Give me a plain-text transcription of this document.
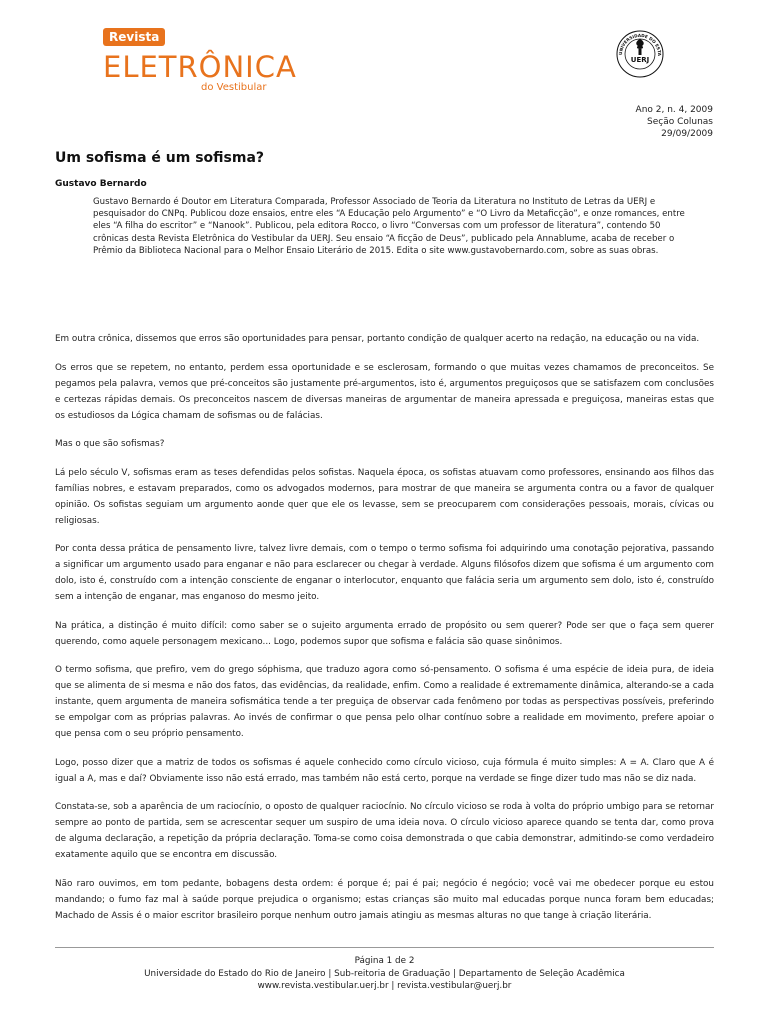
Revista
ELETRÔNICA
do Vestibular
UNIVERSIDADE DO ESTA
UERJ
Ano 2, n. 4, 2009
Seção Colunas
29/09/2009
Um sofisma é um sofisma?
Gustavo Bernardo
Gustavo Bernardo é Doutor em Literatura Comparada, Professor Associado de Teoria da Literatura no Instituto de Letras da UERJ e pesquisador do CNPq. Publicou doze ensaios, entre eles “A Educação pelo Argumento” e “O Livro da Metaficção”, e onze romances, entre eles “A filha do escritor” e “Nanook”. Publicou, pela editora Rocco, o livro “Conversas com um professor de literatura”, contendo 50 crônicas desta Revista Eletrônica do Vestibular da UERJ. Seu ensaio “A ficção de Deus”, publicado pela Annablume, acaba de receber o Prêmio da Biblioteca Nacional para o Melhor Ensaio Literário de 2015. Edita o site www.gustavobernardo.com, sobre as suas obras.

Em outra crônica, dissemos que erros são oportunidades para pensar, portanto condição de qualquer acerto na redação, na educação ou na vida.

Os erros que se repetem, no entanto, perdem essa oportunidade e se esclerosam, formando o que muitas vezes chamamos de preconceitos. Se pegamos pela palavra, vemos que pré-conceitos são justamente pré-argumentos, isto é, argumentos preguiçosos que se satisfazem com conclusões e certezas rápidas demais. Os preconceitos nascem de diversas maneiras de argumentar de maneira apressada e preguiçosa, maneiras estas que os estudiosos da Lógica chamam de sofismas ou de falácias.

Mas o que são sofismas?

Lá pelo século V, sofismas eram as teses defendidas pelos sofistas. Naquela época, os sofistas atuavam como professores, ensinando aos filhos das famílias nobres, e estavam preparados, como os advogados modernos, para mostrar de que maneira se argumenta contra ou a favor de qualquer opinião. Os sofistas seguiam um argumento aonde quer que ele os levasse, sem se preocuparem com considerações pessoais, morais, cívicas ou religiosas.

Por conta dessa prática de pensamento livre, talvez livre demais, com o tempo o termo sofisma foi adquirindo uma conotação pejorativa, passando a significar um argumento usado para enganar e não para esclarecer ou chegar à verdade. Alguns filósofos dizem que sofisma é um argumento com dolo, isto é, construído com a intenção consciente de enganar o interlocutor, enquanto que falácia seria um argumento sem dolo, isto é, construído sem a intenção de enganar, mas enganoso do mesmo jeito.

Na prática, a distinção é muito difícil: como saber se o sujeito argumenta errado de propósito ou sem querer? Pode ser que o faça sem querer querendo, como aquele personagem mexicano... Logo, podemos supor que sofisma e falácia são quase sinônimos.

O termo sofisma, que prefiro, vem do grego sóphisma, que traduzo agora como só-pensamento. O sofisma é uma espécie de ideia pura, de ideia que se alimenta de si mesma e não dos fatos, das evidências, da realidade, enfim. Como a realidade é extremamente dinâmica, alterando-se a cada instante, quem argumenta de maneira sofismática tende a ter preguiça de observar cada fenômeno por todas as perspectivas possíveis, preferindo se empolgar com as próprias palavras. Ao invés de confirmar o que pensa pelo olhar contínuo sobre a realidade em movimento, prefere apoiar o que pensa com o seu próprio pensamento.

Logo, posso dizer que a matriz de todos os sofismas é aquele conhecido como círculo vicioso, cuja fórmula é muito simples: A = A. Claro que A é igual a A, mas e daí? Obviamente isso não está errado, mas também não está certo, porque na verdade se finge dizer tudo mas não se diz nada.

Constata-se, sob a aparência de um raciocínio, o oposto de qualquer raciocínio. No círculo vicioso se roda à volta do próprio umbigo para se retornar sempre ao ponto de partida, sem se acrescentar sequer um suspiro de uma ideia nova. O círculo vicioso aparece quando se tenta dar, como prova de alguma declaração, a repetição da própria declaração. Toma-se como coisa demonstrada o que cabia demonstrar, admitindo-se como verdadeiro exatamente aquilo que se encontra em discussão.

Não raro ouvimos, em tom pedante, bobagens desta ordem: é porque é; pai é pai; negócio é negócio; você vai me obedecer porque eu estou mandando; o fumo faz mal à saúde porque prejudica o organismo; estas crianças são muito mal educadas porque nunca foram bem educadas; Machado de Assis é o maior escritor brasileiro porque nenhum outro jamais atingiu as mesmas alturas no que tange à criação literária.

Página 1 de 2
Universidade do Estado do Rio de Janeiro | Sub-reitoria de Graduação | Departamento de Seleção Acadêmica
www.revista.vestibular.uerj.br | revista.vestibular@uerj.br
